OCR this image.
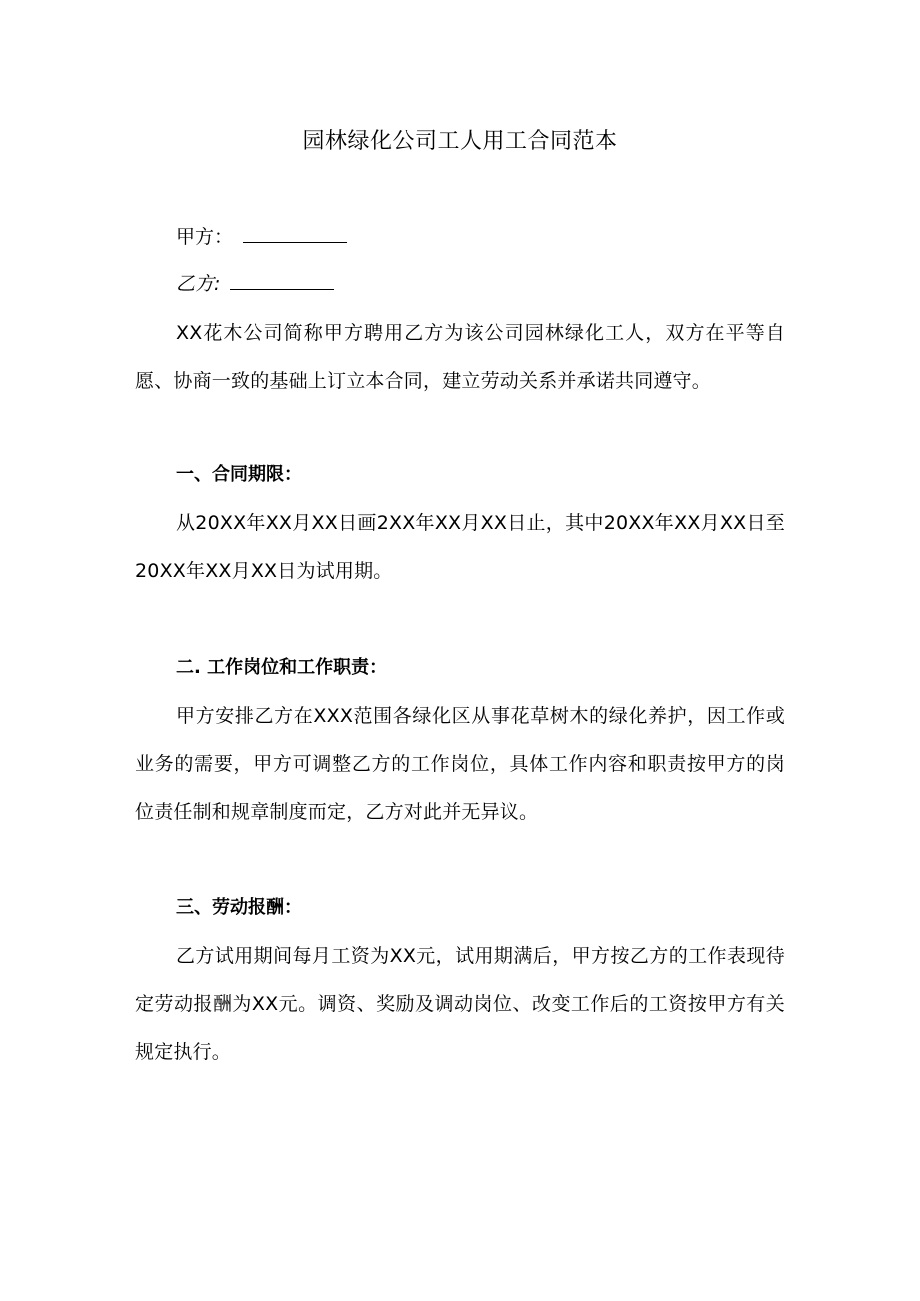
园林绿化公司工人用工合同范本
甲方：
乙方:
XX花木公司简称甲方聘用乙方为该公司园林绿化工人，双方在平等自愿、协商一致的基础上订立本合同，建立劳动关系并承诺共同遵守。
一、合同期限：
从20XX年XX月XX日画2XX年XX月XX日止，其中20XX年XX月XX日至20XX年XX月XX日为试用期。
二. 工作岗位和工作职责：
甲方安排乙方在XXX范围各绿化区从事花草树木的绿化养护，因工作或业务的需要，甲方可调整乙方的工作岗位，具体工作内容和职责按甲方的岗位责任制和规章制度而定，乙方对此并无异议。
三、劳动报酬：
乙方试用期间每月工资为XX元，试用期满后，甲方按乙方的工作表现待定劳动报酬为XX元。调资、奖励及调动岗位、改变工作后的工资按甲方有关规定执行。
